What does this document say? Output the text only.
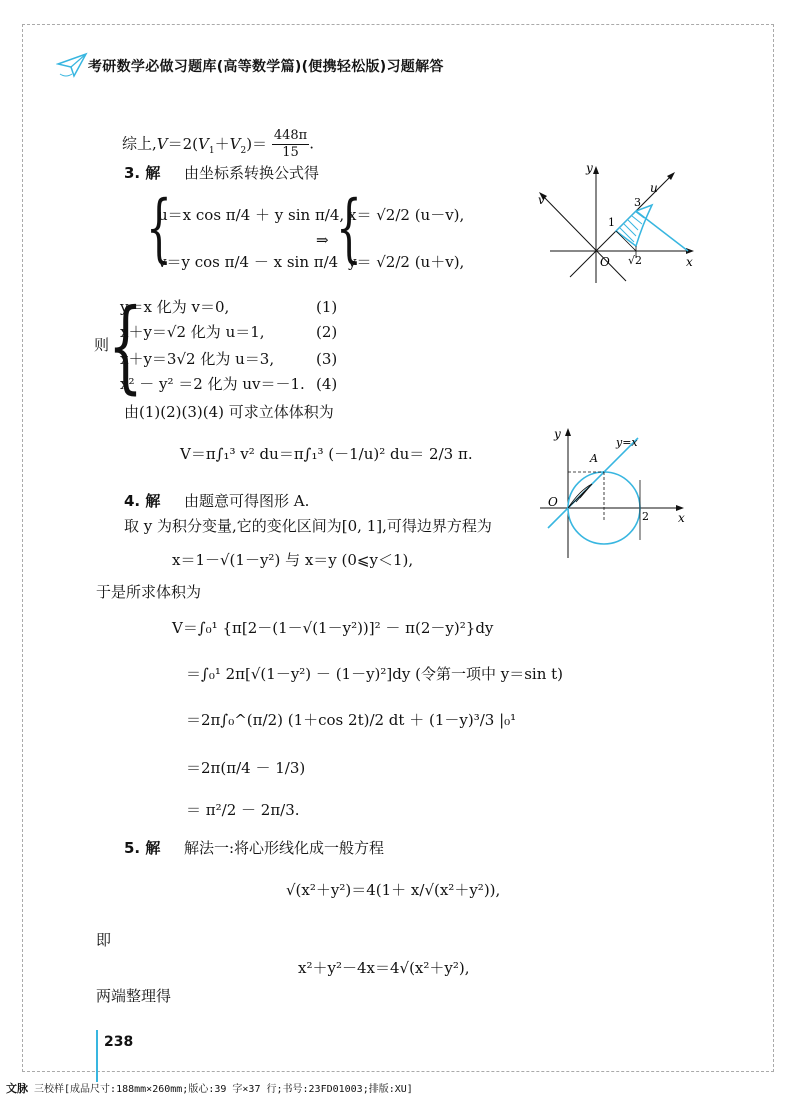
考研数学必做习题库(高等数学篇)(便携轻松版)习题解答
综上$,V=2(V_1+V_2)= \frac{448\pi}{15}$ .
3. 解 由坐标系转换公式得
{
u＝x cos π/4 ＋ y sin π/4,
v＝y cos π/4 － x sin π/4
⇒ {
x＝ √2/2 (u－v),
y＝ √2/2 (u＋v),
y
x
v
u
O
1
3
√2
则
{
y＝x 化为 v＝0,
x＋y＝√2 化为 u＝1,
x＋y＝3√2 化为 u＝3,
x² － y² ＝2 化为 uv＝－1.
(1)
(2)
(3)
(4)
由(1)(2)(3)(4) 可求立体体积为
V＝π∫₁³ v² du＝π∫₁³ (－1/u)² du＝ 2/3 π.
y
x
O
A
2
y=x
4. 解 由题意可得图形 A.
取 y 为积分变量,它的变化区间为[0, 1],可得边界方程为
x＝1－√(1－y²) 与 x＝y (0⩽y＜1),
于是所求体积为
V＝∫₀¹ {π[2－(1－√(1－y²))]² － π(2－y)²}dy
＝∫₀¹ 2π[√(1－y²) － (1－y)²]dy (令第一项中 y＝sin t)
＝2π∫₀^(π/2) (1＋cos 2t)/2 dt ＋ (1－y)³/3 |₀¹
＝2π(π/4 － 1/3)
＝ π²/2 － 2π/3.
5. 解 解法一:将心形线化成一般方程
√(x²＋y²)＝4(1＋ x/√(x²＋y²)),
即
x²＋y²－4x＝4√(x²＋y²),
两端整理得
238
文脉 三校样[成品尺寸:188mm×260mm;版心:39 字×37 行;书号:23FD01003;排版:XU]
